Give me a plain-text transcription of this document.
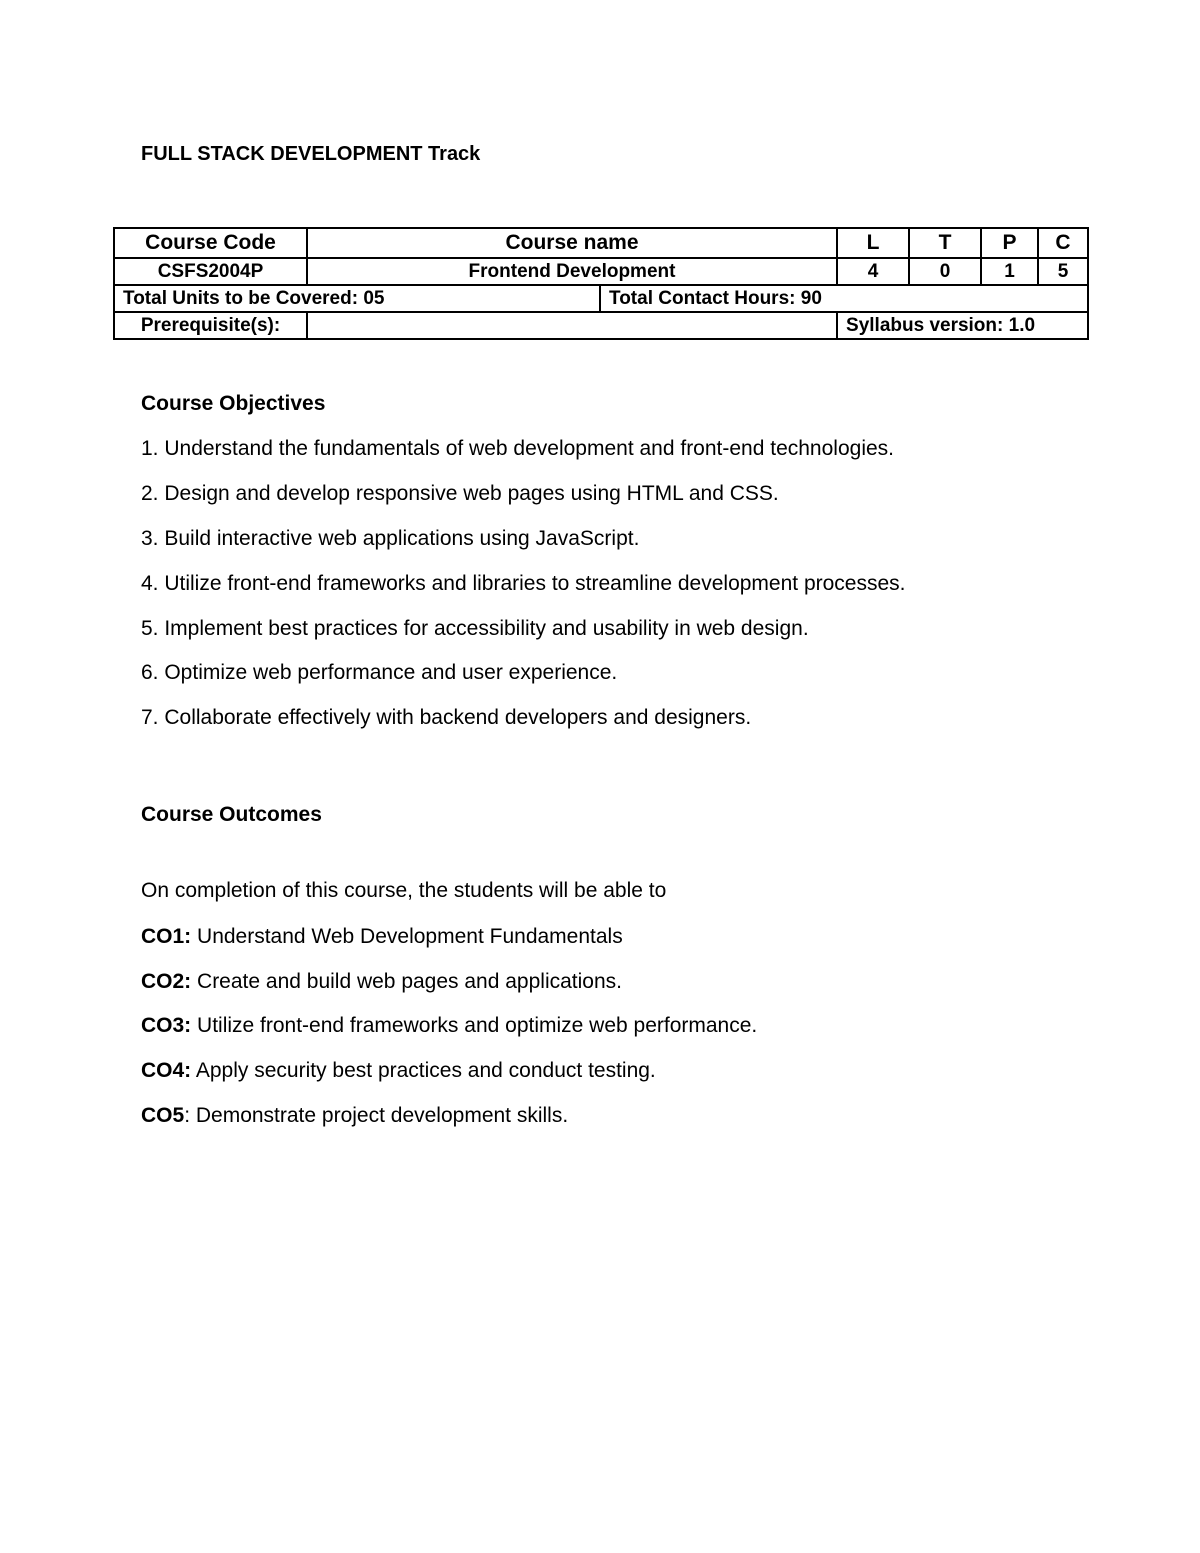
FULL STACK DEVELOPMENT Track
Course Code	Course name		L	T	P	C
CSFS2004P	Frontend Development		4	0	1	5
Total Units to be Covered: 05		Total Contact Hours: 90				
Prerequisite(s):			Syllabus version: 1.0			
Course Objectives
1. Understand the fundamentals of web development and front-end technologies.
2. Design and develop responsive web pages using HTML and CSS.
3. Build interactive web applications using JavaScript.
4. Utilize front-end frameworks and libraries to streamline development processes.
5. Implement best practices for accessibility and usability in web design.
6. Optimize web performance and user experience.
7. Collaborate effectively with backend developers and designers.
Course Outcomes
On completion of this course, the students will be able to
CO1: Understand Web Development Fundamentals
CO2: Create and build web pages and applications.
CO3: Utilize front-end frameworks and optimize web performance.
CO4: Apply security best practices and conduct testing.
CO5: Demonstrate project development skills.
